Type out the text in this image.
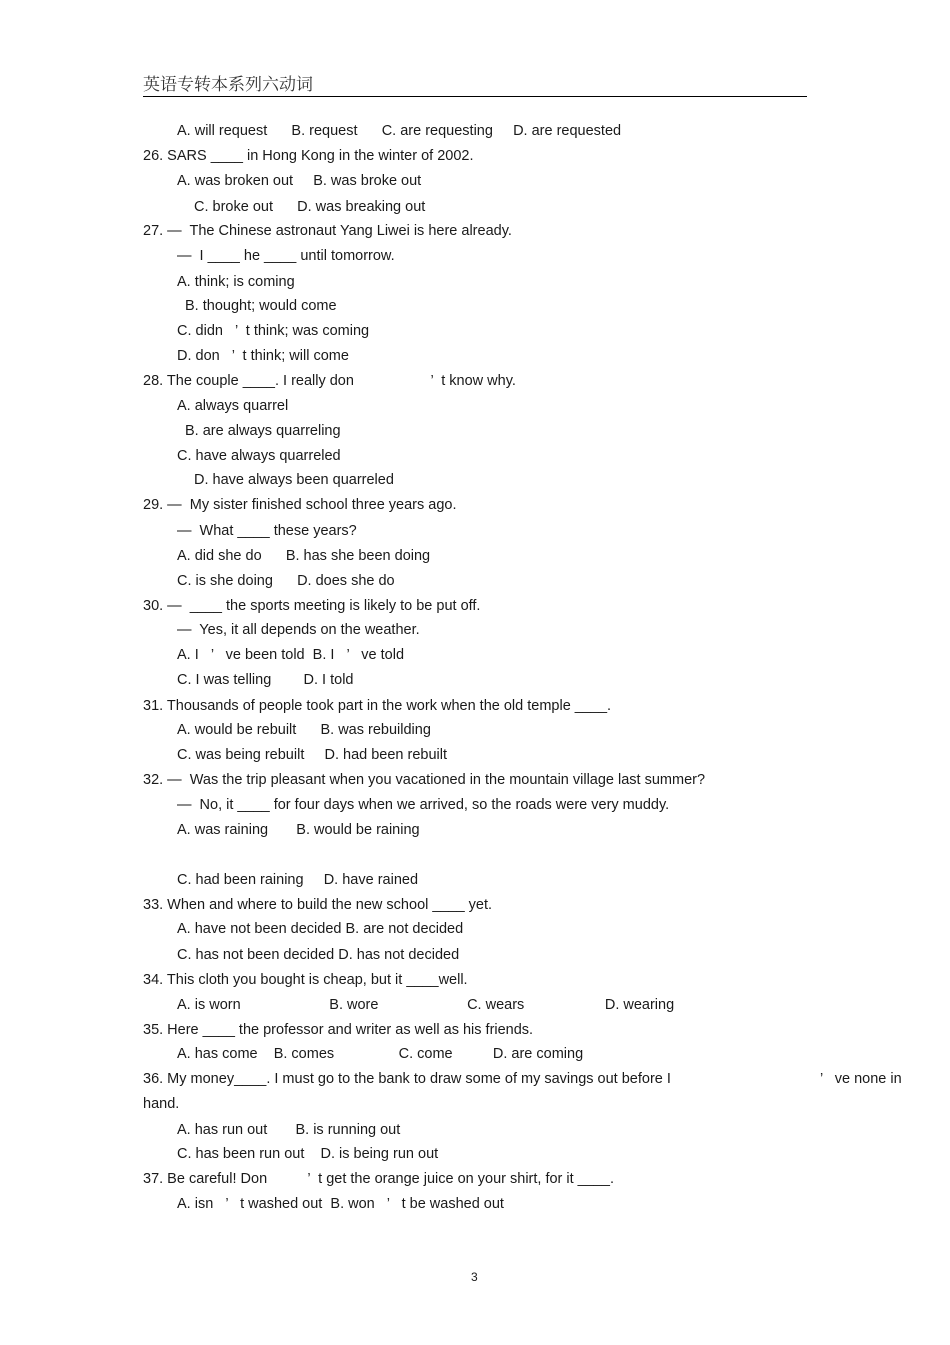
英语专转本系列六动词
A. will request      B. request      C. are requesting     D. are requested
26. SARS ____ in Hong Kong in the winter of 2002.
A. was broken out     B. was broke out
C. broke out      D. was breaking out
27. —  The Chinese astronaut Yang Liwei is here already.
—  I ____ he ____ until tomorrow.
A. think; is coming
B. thought; would come
C. didn   ’  t think; was coming
D. don   ’  t think; will come
28. The couple ____. I really don                   ’  t know why.
A. always quarrel
B. are always quarreling
C. have always quarreled
D. have always been quarreled
29. —  My sister finished school three years ago.
—  What ____ these years?
A. did she do      B. has she been doing
C. is she doing      D. does she do
30. —  ____ the sports meeting is likely to be put off.
—  Yes, it all depends on the weather.
A. I   ’   ve been told  B. I   ’   ve told
C. I was telling        D. I told
31. Thousands of people took part in the work when the old temple ____.
A. would be rebuilt      B. was rebuilding
C. was being rebuilt     D. had been rebuilt
32. —  Was the trip pleasant when you vacationed in the mountain village last summer?
—  No, it ____ for four days when we arrived, so the roads were very muddy.
A. was raining       B. would be raining
C. had been raining     D. have rained
33. When and where to build the new school ____ yet.
A. have not been decided B. are not decided
C. has not been decided D. has not decided
34. This cloth you bought is cheap, but it ____well.
A. is worn                      B. wore                      C. wears                    D. wearing
35. Here ____ the professor and writer as well as his friends.
A. has come    B. comes                C. come          D. are coming
36. My money____. I must go to the bank to draw some of my savings out before I                                     ’   ve none in
hand.
A. has run out       B. is running out
C. has been run out    D. is being run out
37. Be careful! Don          ’  t get the orange juice on your shirt, for it ____.
A. isn   ’   t washed out  B. won   ’   t be washed out
3
